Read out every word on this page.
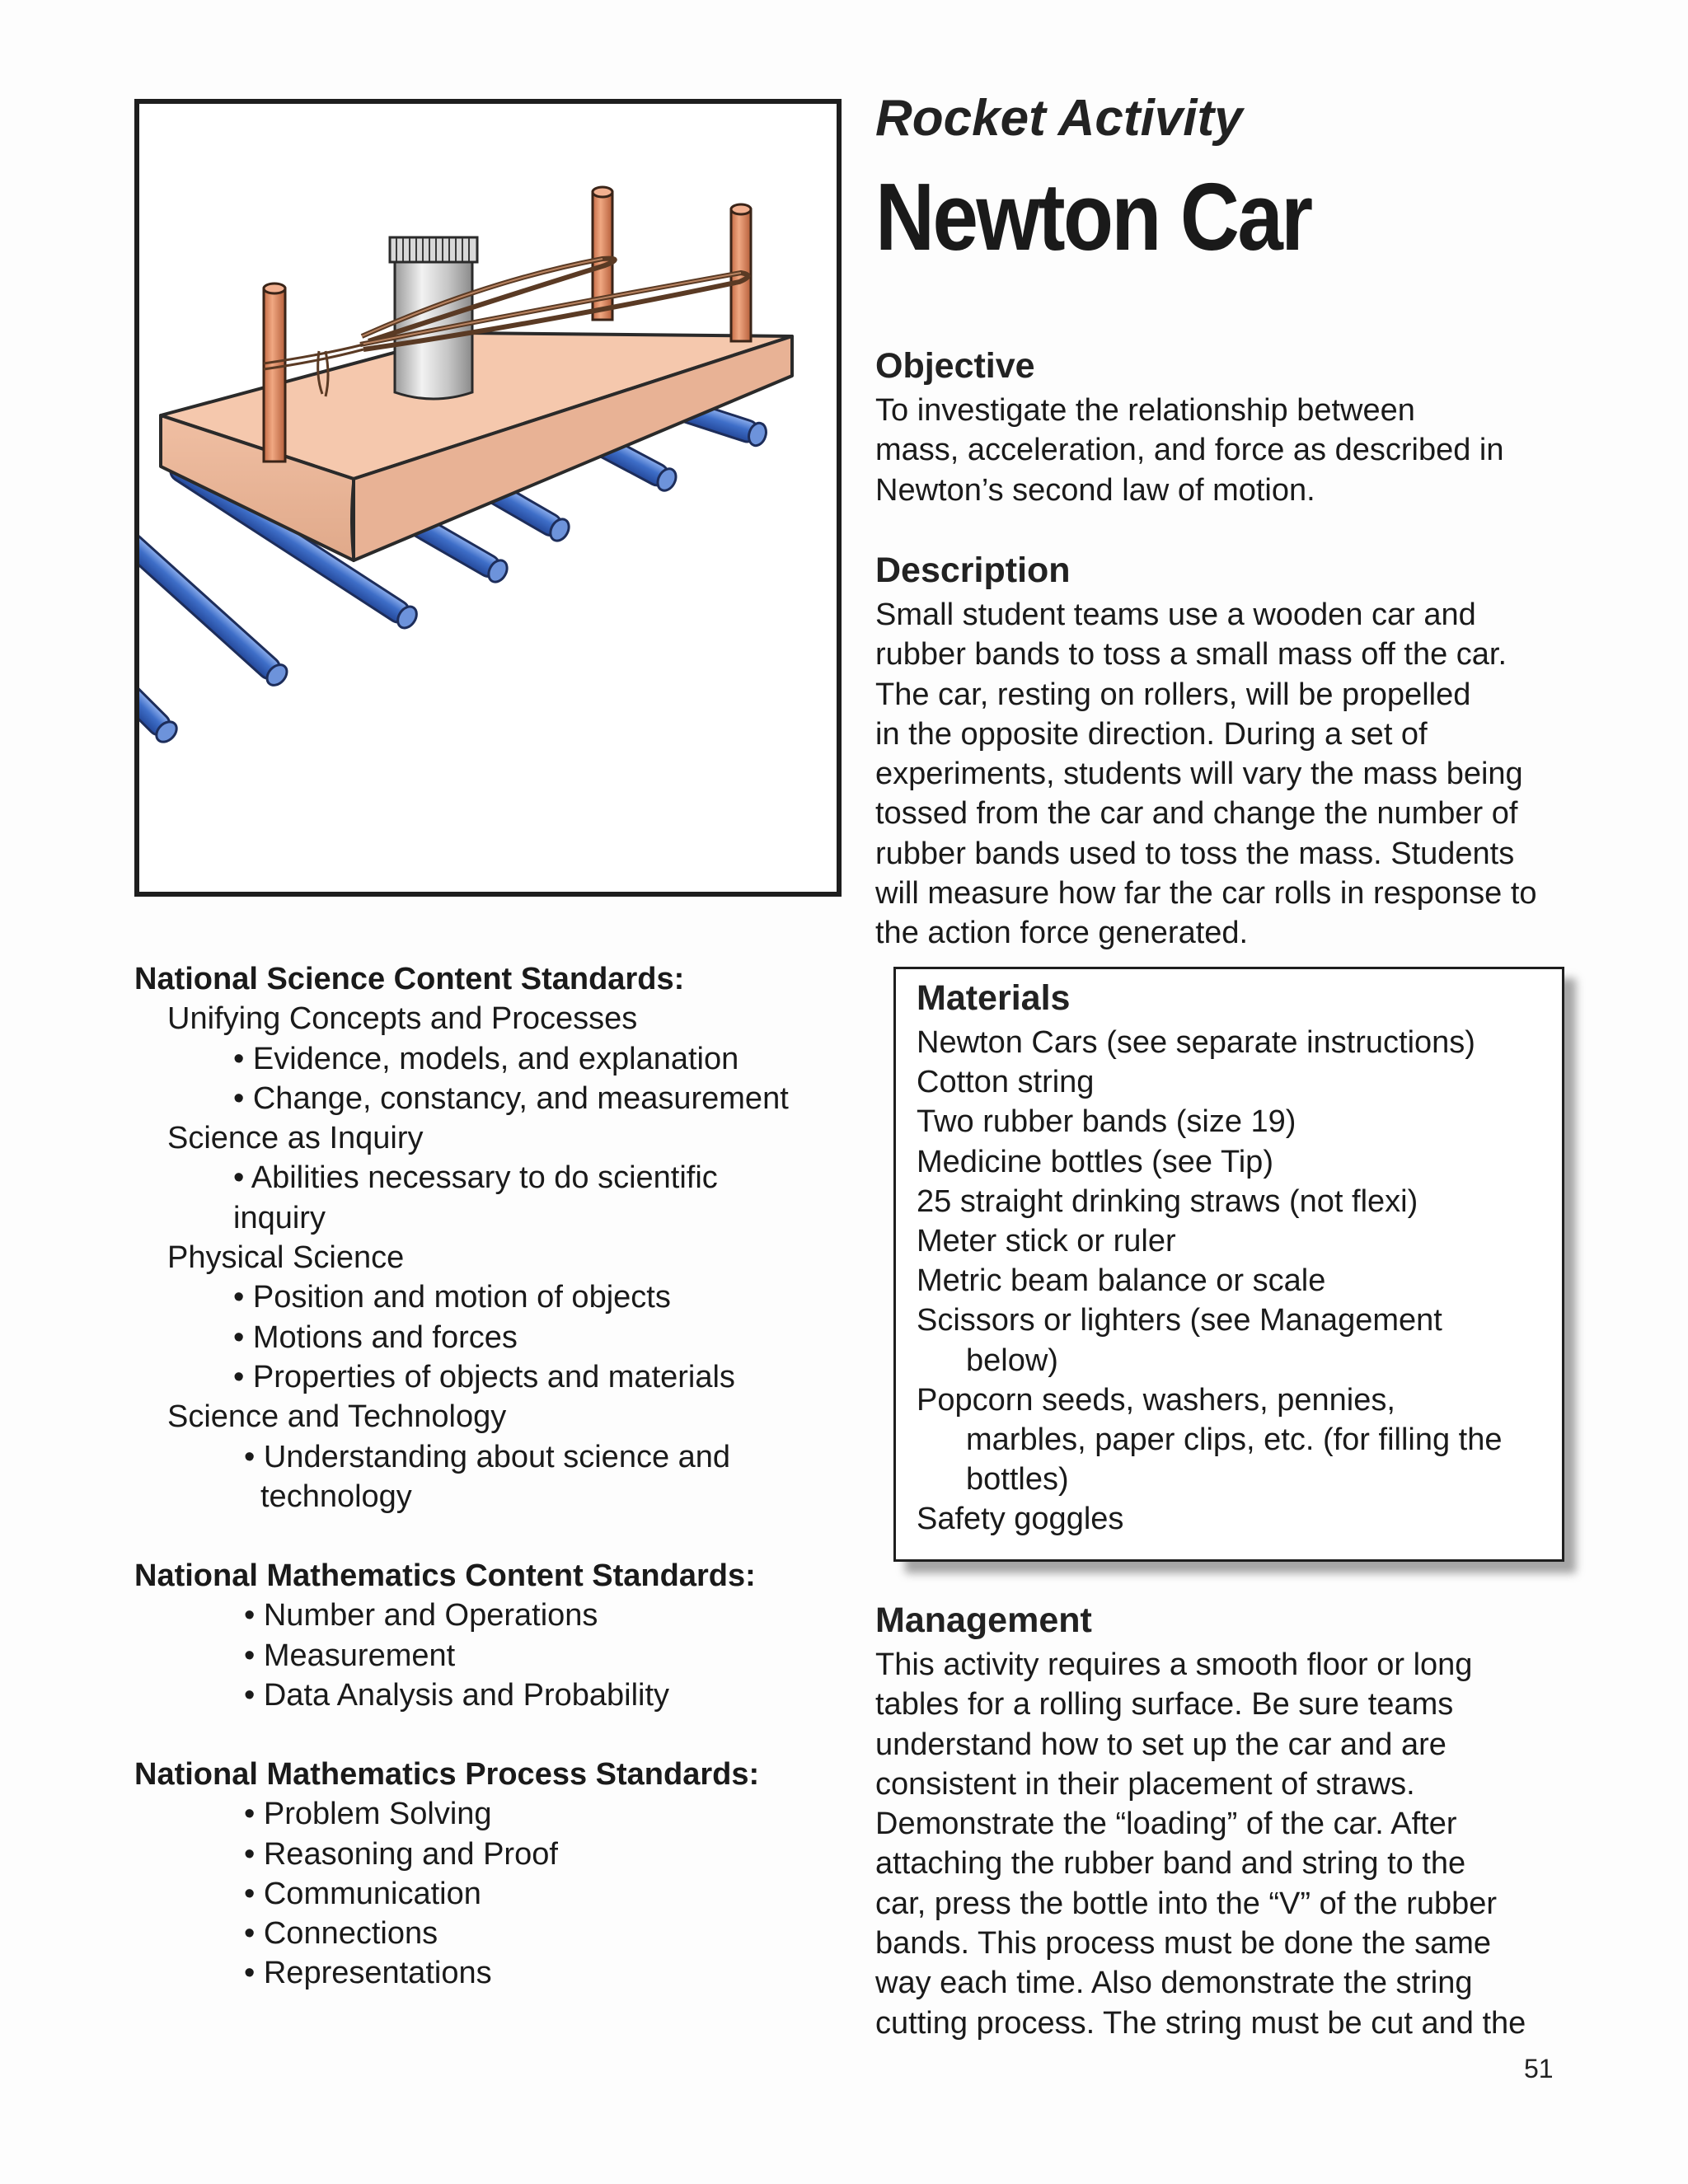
Rocket Activity
Newton Car
Objective
To investigate the relationship between
mass, acceleration, and force as described in
Newton’s second law of motion.
Description
Small student teams use a wooden car and
rubber bands to toss a small mass off the car.
The car, resting on rollers, will be propelled
in the opposite direction. During a set of
experiments, students will vary the mass being
tossed from the car and change the number of
rubber bands used to toss the mass. Students
will measure how far the car rolls in response to
the action force generated.
Materials
Newton Cars (see separate instructions)
Cotton string
Two rubber bands (size 19)
Medicine bottles (see Tip)
25 straight drinking straws (not flexi)
Meter stick or ruler
Metric beam balance or scale
Scissors or lighters (see Management
below)
Popcorn seeds, washers, pennies,
marbles, paper clips, etc. (for filling the
bottles)
Safety goggles
Management
This activity requires a smooth floor or long
tables for a rolling surface. Be sure teams
understand how to set up the car and are
consistent in their placement of straws.
Demonstrate the “loading” of the car. After
attaching the rubber band and string to the
car, press the bottle into the “V” of the rubber
bands. This process must be done the same
way each time. Also demonstrate the string
cutting process. The string must be cut and the
National Science Content Standards:
Unifying Concepts and Processes
• Evidence, models, and explanation
• Change, constancy, and measurement
Science as Inquiry
• Abilities necessary to do scientific
inquiry
Physical Science
• Position and motion of objects
• Motions and forces
• Properties of objects and materials
Science and Technology
• Understanding about science and
technology
National Mathematics Content Standards:
• Number and Operations
• Measurement
• Data Analysis and Probability
National Mathematics Process Standards:
• Problem Solving
• Reasoning and Proof
• Communication
• Connections
• Representations
51
